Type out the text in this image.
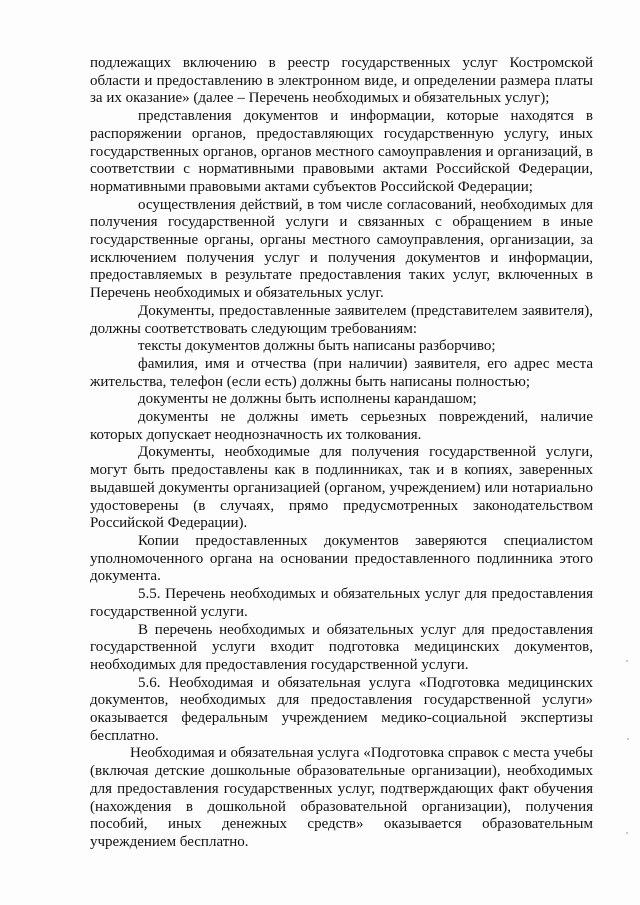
подлежащих включению в реестр государственных услуг Костромской области и предоставлению в электронном виде, и определении размера платы за их оказание» (далее – Перечень необходимых и обязательных услуг);

представления документов и информации, которые находятся в распоряжении органов, предоставляющих государственную услугу, иных государственных органов, органов местного самоуправления и организаций, в соответствии с нормативными правовыми актами Российской Федерации, нормативными правовыми актами субъектов Российской Федерации;

осуществления действий, в том числе согласований, необходимых для получения государственной услуги и связанных с обращением в иные государственные органы, органы местного самоуправления, организации, за исключением получения услуг и получения документов и информации, предоставляемых в результате предоставления таких услуг, включенных в Перечень необходимых и обязательных услуг.

Документы, предоставленные заявителем (представителем заявителя), должны соответствовать следующим требованиям:

тексты документов должны быть написаны разборчиво;

фамилия, имя и отчества (при наличии) заявителя, его адрес места жительства, телефон (если есть) должны быть написаны полностью;

документы не должны быть исполнены карандашом;

документы не должны иметь серьезных повреждений, наличие которых допускает неоднозначность их толкования.

Документы, необходимые для получения государственной услуги, могут быть предоставлены как в подлинниках, так и в копиях, заверенных выдавшей документы организацией (органом, учреждением) или нотариально удостоверены (в случаях, прямо предусмотренных законодательством Российской Федерации).

Копии предоставленных документов заверяются специалистом уполномоченного органа на основании предоставленного подлинника этого документа.

5.5. Перечень необходимых и обязательных услуг для предоставления государственной услуги.

В перечень необходимых и обязательных услуг для предоставления государственной услуги входит подготовка медицинских документов, необходимых для предоставления государственной услуги.

5.6. Необходимая и обязательная услуга «Подготовка медицинских документов, необходимых для предоставления государственной услуги» оказывается федеральным учреждением медико-социальной экспертизы бесплатно.

Необходимая и обязательная услуга «Подготовка справок с места учебы (включая детские дошкольные образовательные организации), необходимых для предоставления государственных услуг, подтверждающих факт обучения (нахождения в дошкольной образовательной организации), получения пособий, иных денежных средств» оказывается образовательным учреждением бесплатно.
